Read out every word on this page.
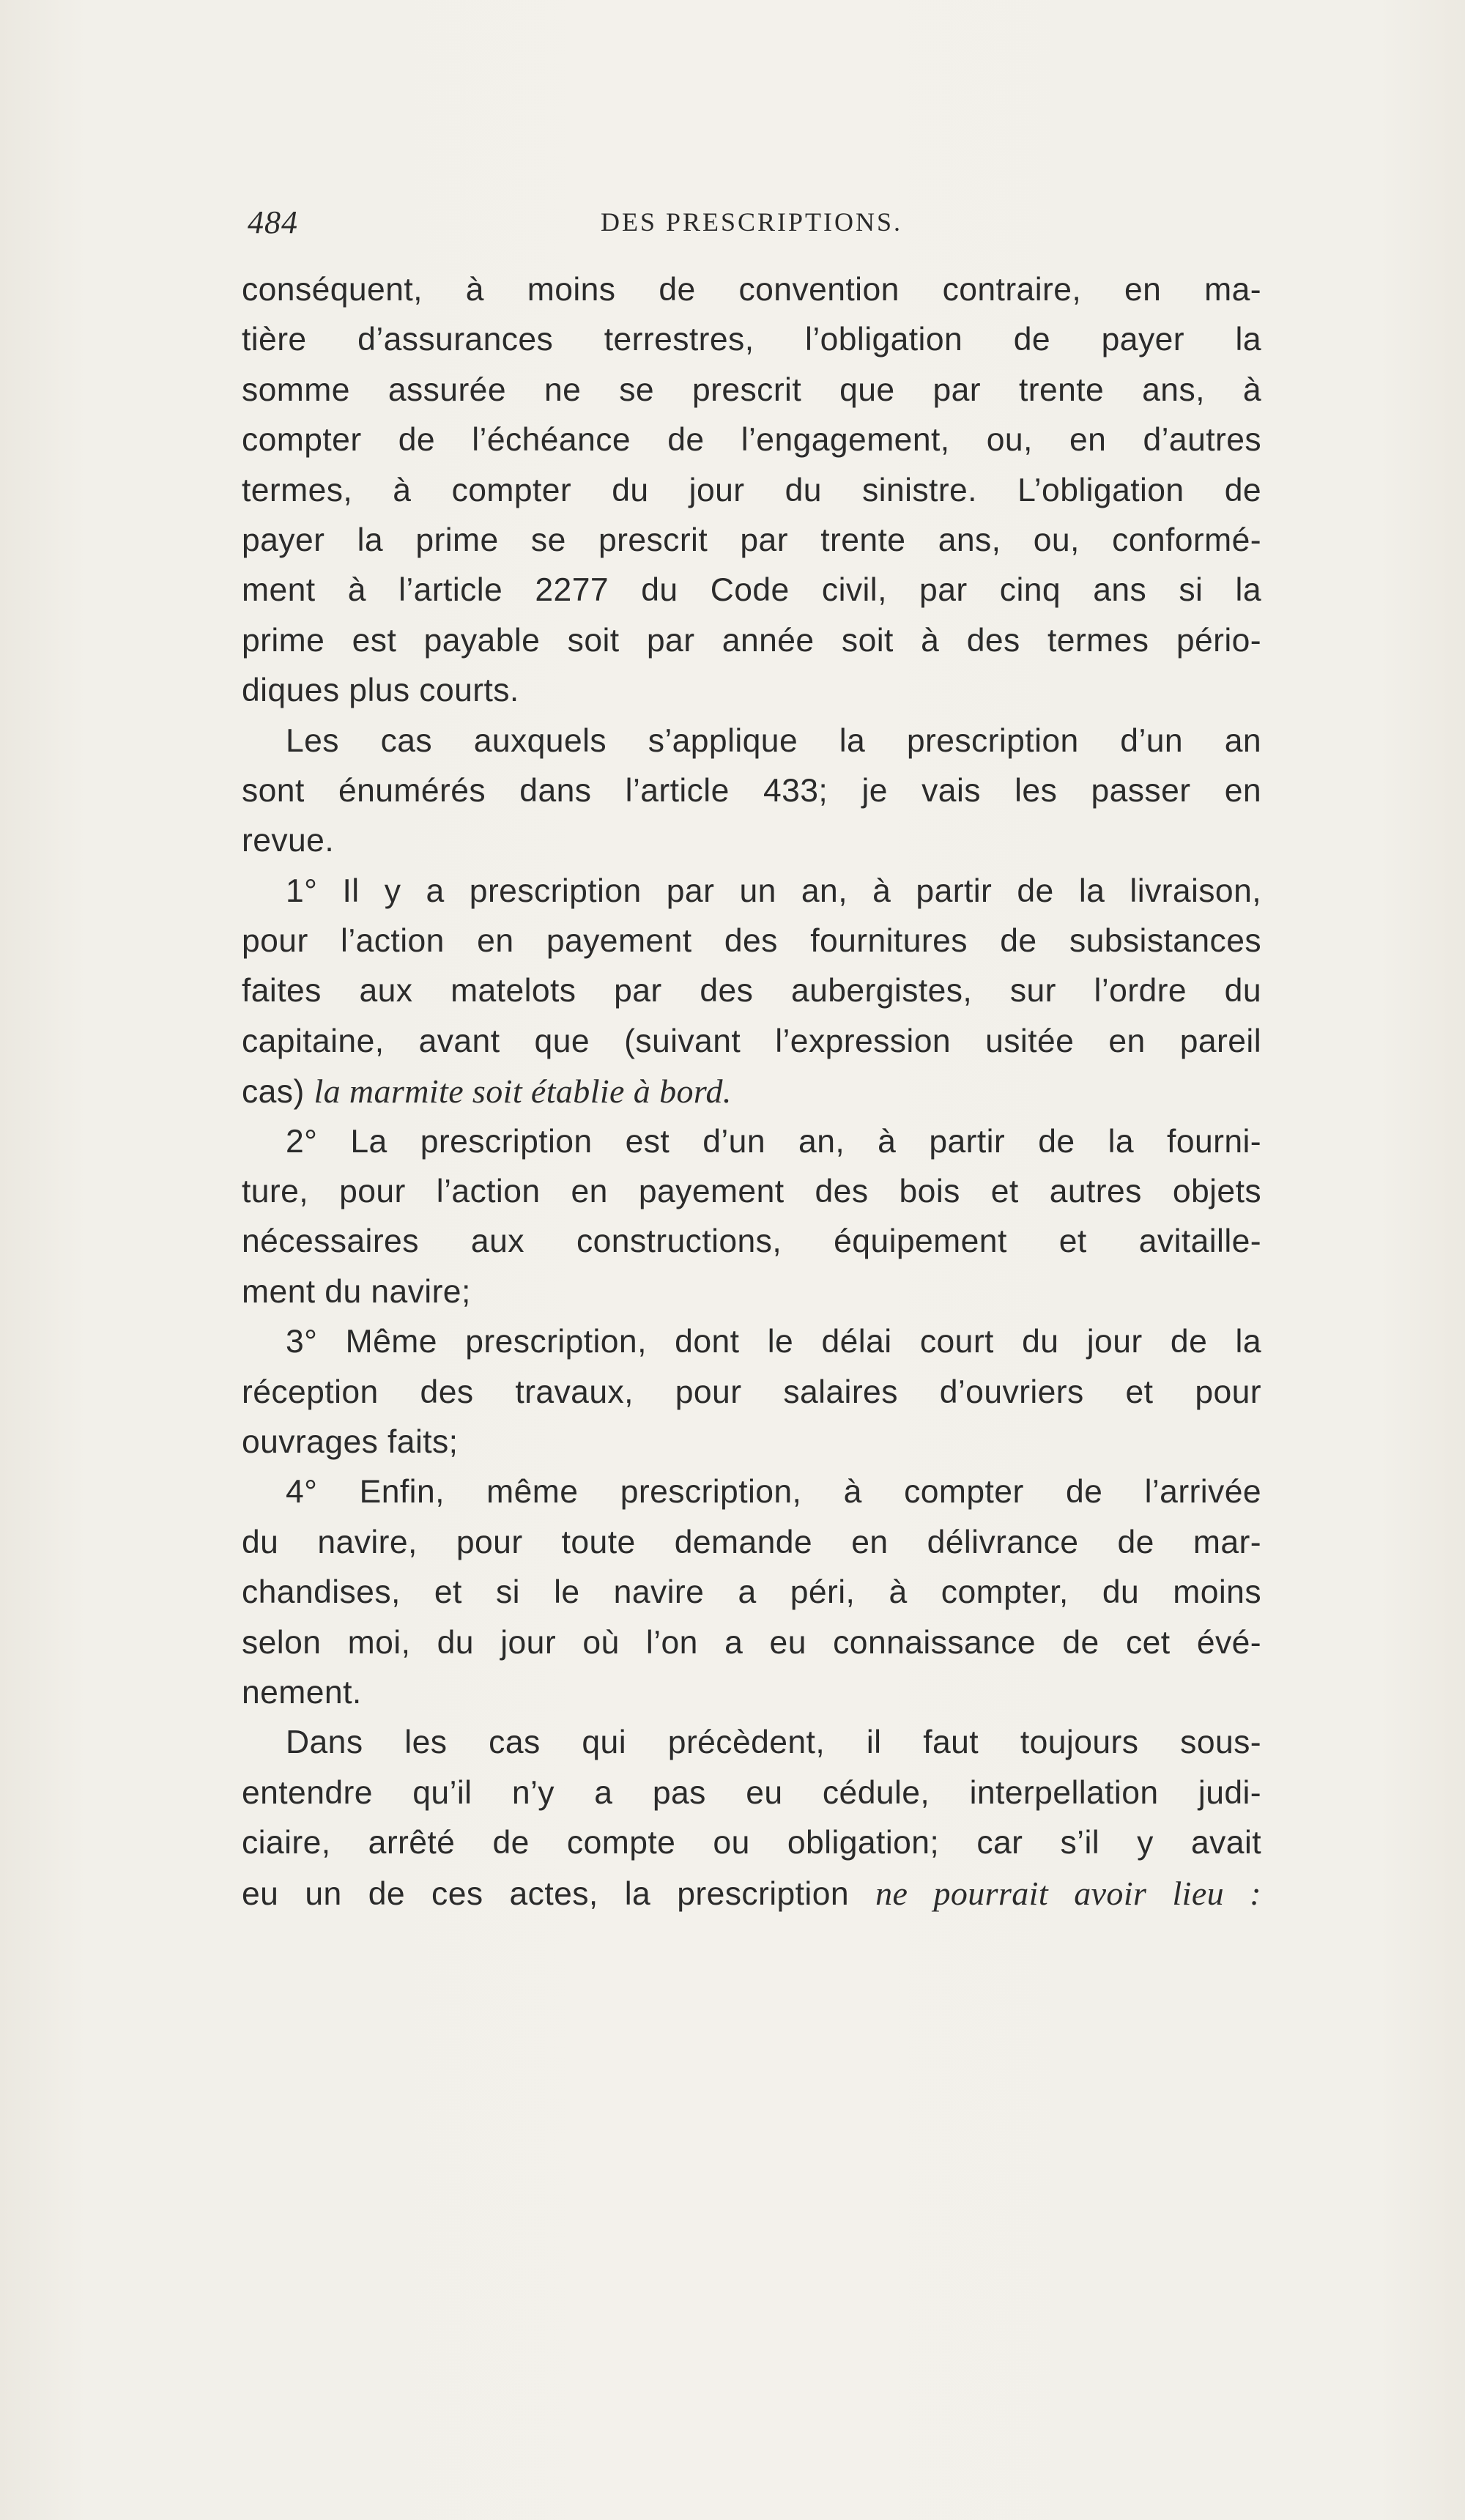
484	DES PRESCRIPTIONS.
conséquent, à moins de convention contraire, en ma-
tière d’assurances terrestres, l’obligation de payer la
somme assurée ne se prescrit que par trente ans, à
compter de l’échéance de l’engagement, ou, en d’autres
termes, à compter du jour du sinistre. L’obligation de
payer la prime se prescrit par trente ans, ou, conformé-
ment à l’article 2277 du Code civil, par cinq ans si la
prime est payable soit par année soit à des termes pério-
diques plus courts.
Les cas auxquels s’applique la prescription d’un an
sont énumérés dans l’article 433; je vais les passer en
revue.
1° Il y a prescription par un an, à partir de la livraison,
pour l’action en payement des fournitures de subsistances
faites aux matelots par des aubergistes, sur l’ordre du
capitaine, avant que (suivant l’expression usitée en pareil
cas) la marmite soit établie à bord.
2° La prescription est d’un an, à partir de la fourni-
ture, pour l’action en payement des bois et autres objets
nécessaires aux constructions, équipement et avitaille-
ment du navire;
3° Même prescription, dont le délai court du jour de la
réception des travaux, pour salaires d’ouvriers et pour
ouvrages faits;
4° Enfin, même prescription, à compter de l’arrivée
du navire, pour toute demande en délivrance de mar-
chandises, et si le navire a péri, à compter, du moins
selon moi, du jour où l’on a eu connaissance de cet évé-
nement.
Dans les cas qui précèdent, il faut toujours sous-
entendre qu’il n’y a pas eu cédule, interpellation judi-
ciaire, arrêté de compte ou obligation; car s’il y avait
eu un de ces actes, la prescription ne pourrait avoir lieu :
